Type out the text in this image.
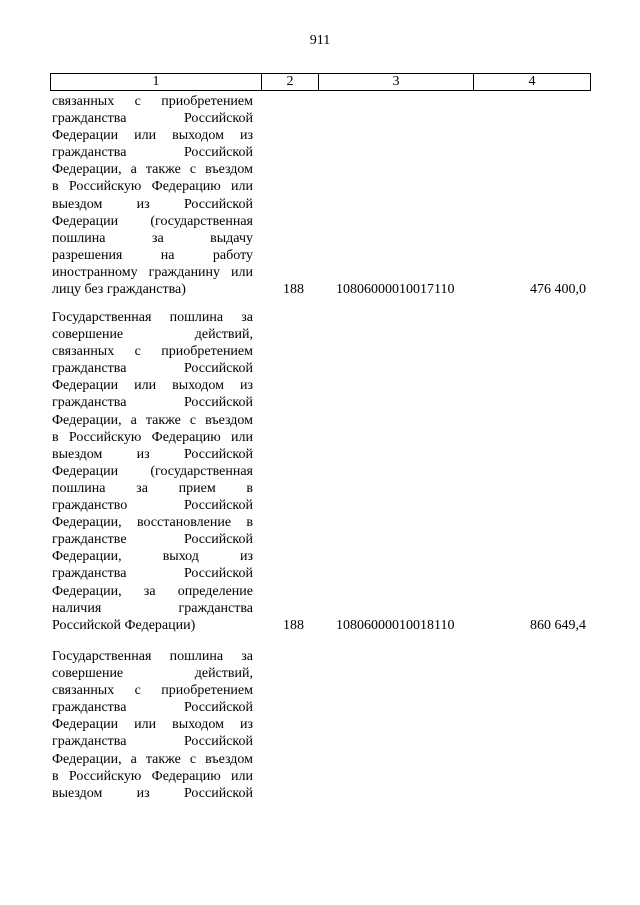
911
1	2	3	4
связанных с приобретением
гражданства Российской
Федерации или выходом из
гражданства Российской
Федерации, а также с въездом
в Российскую Федерацию или
выездом из Российской
Федерации (государственная
пошлина за выдачу
разрешения на работу
иностранному гражданину или
лицу без гражданства)	188 10806000010017110	476 400,0
Государственная пошлина за
совершение действий,
связанных с приобретением
гражданства Российской
Федерации или выходом из
гражданства Российской
Федерации, а также с въездом
в Российскую Федерацию или
выездом из Российской
Федерации (государственная
пошлина за прием в
гражданство Российской
Федерации, восстановление в
гражданстве Российской
Федерации, выход из
гражданства Российской
Федерации, за определение
наличия гражданства
Российской Федерации)	188 10806000010018110	860 649,4
Государственная пошлина за
совершение действий,
связанных с приобретением
гражданства Российской
Федерации или выходом из
гражданства Российской
Федерации, а также с въездом
в Российскую Федерацию или
выездом из Российской
